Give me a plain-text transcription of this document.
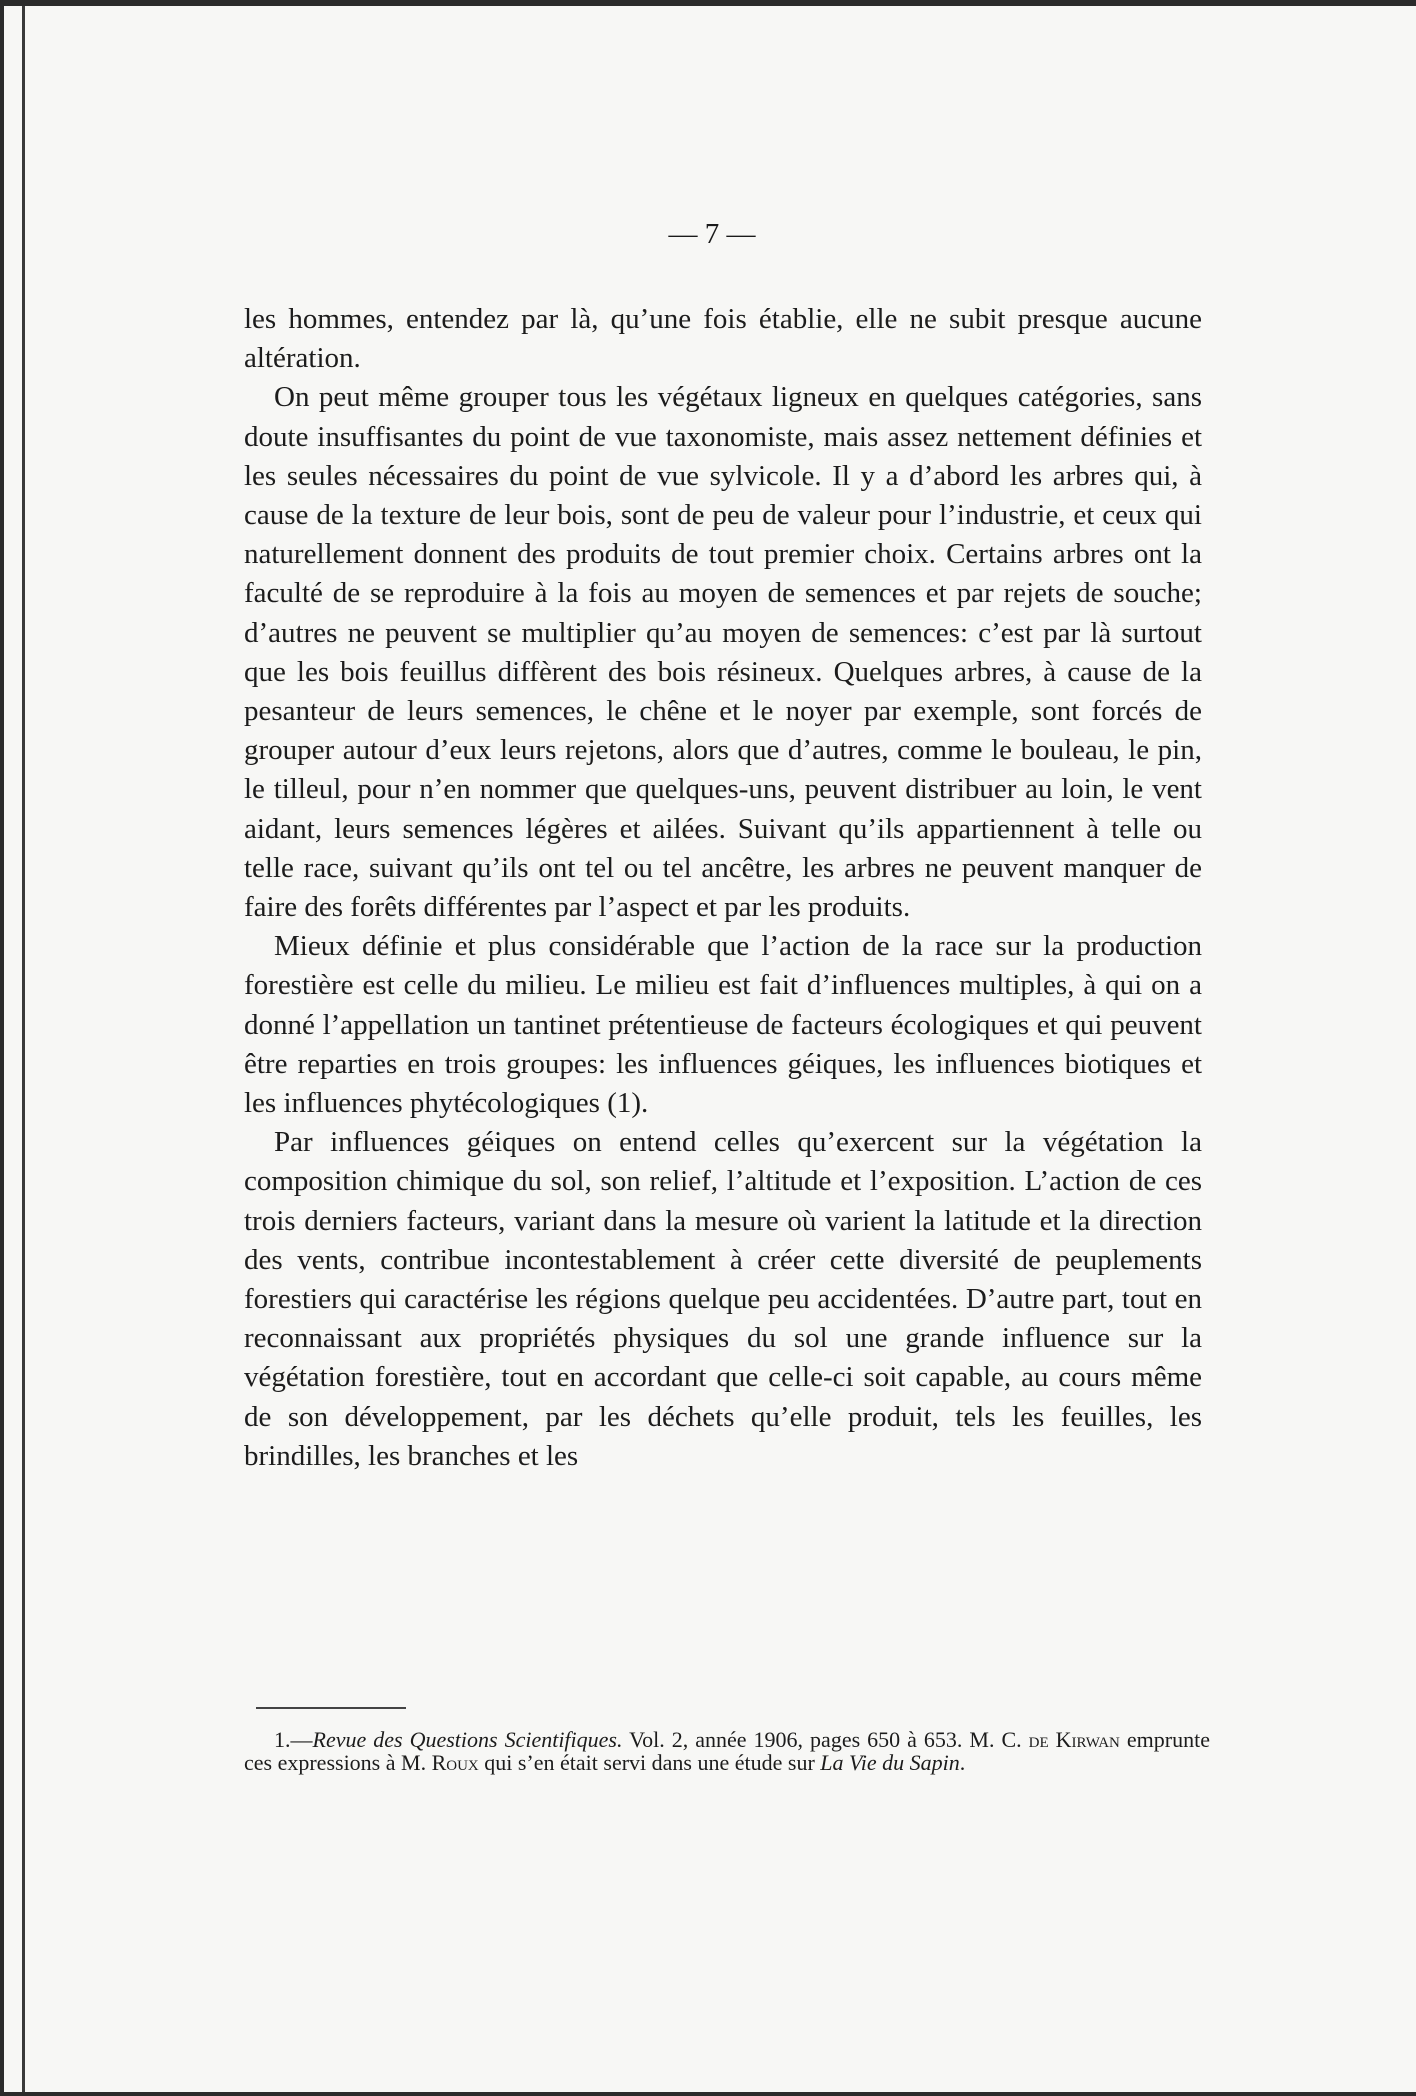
— 7 —

les hommes, entendez par là, qu’une fois établie, elle ne subit presque aucune altération.

On peut même grouper tous les végétaux ligneux en quelques catégories, sans doute insuffisantes du point de vue taxonomiste, mais assez nettement définies et les seules nécessaires du point de vue sylvicole. Il y a d’abord les arbres qui, à cause de la texture de leur bois, sont de peu de valeur pour l’industrie, et ceux qui naturellement donnent des produits de tout premier choix. Certains arbres ont la faculté de se reproduire à la fois au moyen de semences et par rejets de souche; d’autres ne peuvent se multiplier qu’au moyen de semences: c’est par là surtout que les bois feuillus diffèrent des bois résineux. Quelques arbres, à cause de la pesanteur de leurs semences, le chêne et le noyer par exemple, sont forcés de grouper autour d’eux leurs rejetons, alors que d’autres, comme le bouleau, le pin, le tilleul, pour n’en nommer que quelques-uns, peuvent distribuer au loin, le vent aidant, leurs semences légères et ailées. Suivant qu’ils appartiennent à telle ou telle race, suivant qu’ils ont tel ou tel ancêtre, les arbres ne peuvent manquer de faire des forêts différentes par l’aspect et par les produits.

Mieux définie et plus considérable que l’action de la race sur la production forestière est celle du milieu. Le milieu est fait d’influences multiples, à qui on a donné l’appellation un tantinet prétentieuse de facteurs écologiques et qui peuvent être reparties en trois groupes: les influences géiques, les influences biotiques et les influences phytécologiques (1).

Par influences géiques on entend celles qu’exercent sur la végétation la composition chimique du sol, son relief, l’altitude et l’exposition. L’action de ces trois derniers facteurs, variant dans la mesure où varient la latitude et la direction des vents, contribue incontestablement à créer cette diversité de peuplements forestiers qui caractérise les régions quelque peu accidentées. D’autre part, tout en reconnaissant aux propriétés physiques du sol une grande influence sur la végétation forestière, tout en accordant que celle-ci soit capable, au cours même de son développement, par les déchets qu’elle produit, tels les feuilles, les brindilles, les branches et les

1.—Revue des Questions Scientifiques. Vol. 2, année 1906, pages 650 à 653. M. C. de Kirwan emprunte ces expressions à M. Roux qui s’en était servi dans une étude sur La Vie du Sapin.
